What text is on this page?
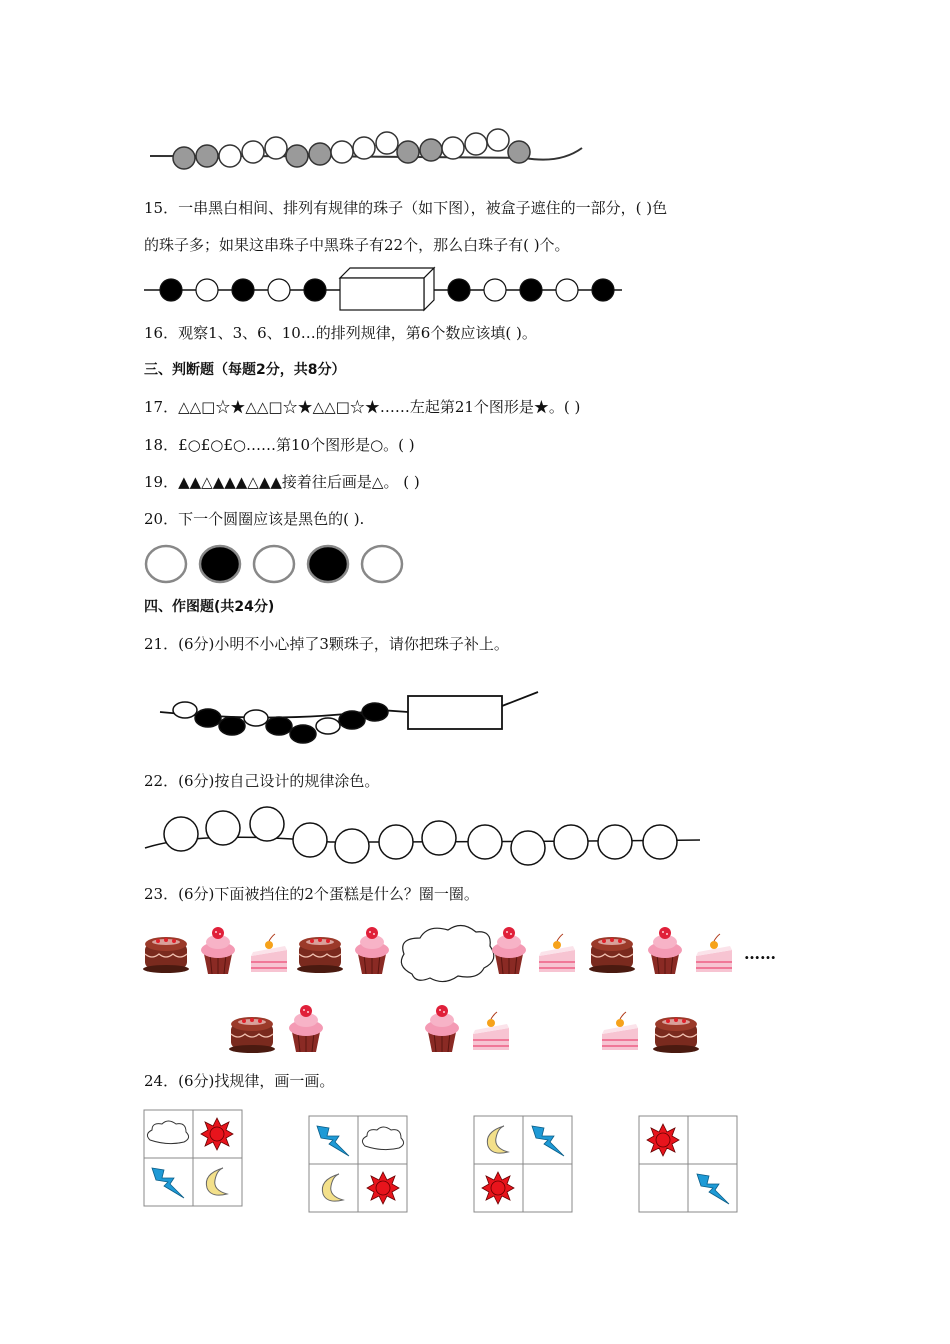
15．一串黑白相间、排列有规律的珠子（如下图），被盒子遮住的一部分，( )色
的珠子多；如果这串珠子中黑珠子有22个，那么白珠子有( )个。
16．观察1、3、6、10…的排列规律，第6个数应该填( )。
三、判断题（每题2分，共8分）
17．△△□☆★△△□☆★△△□☆★……左起第21个图形是★。( )
18．£○£○£○……第10个图形是○。( )
19．▲▲△▲▲▲△▲▲接着往后画是△。 ( )
20．下一个圆圈应该是黑色的( ).
四、作图题(共24分)
21．(6分)小明不小心掉了3颗珠子，请你把珠子补上。
22．(6分)按自己设计的规律涂色。
23．(6分)下面被挡住的2个蛋糕是什么？圈一圈。
……
24．(6分)找规律，画一画。
